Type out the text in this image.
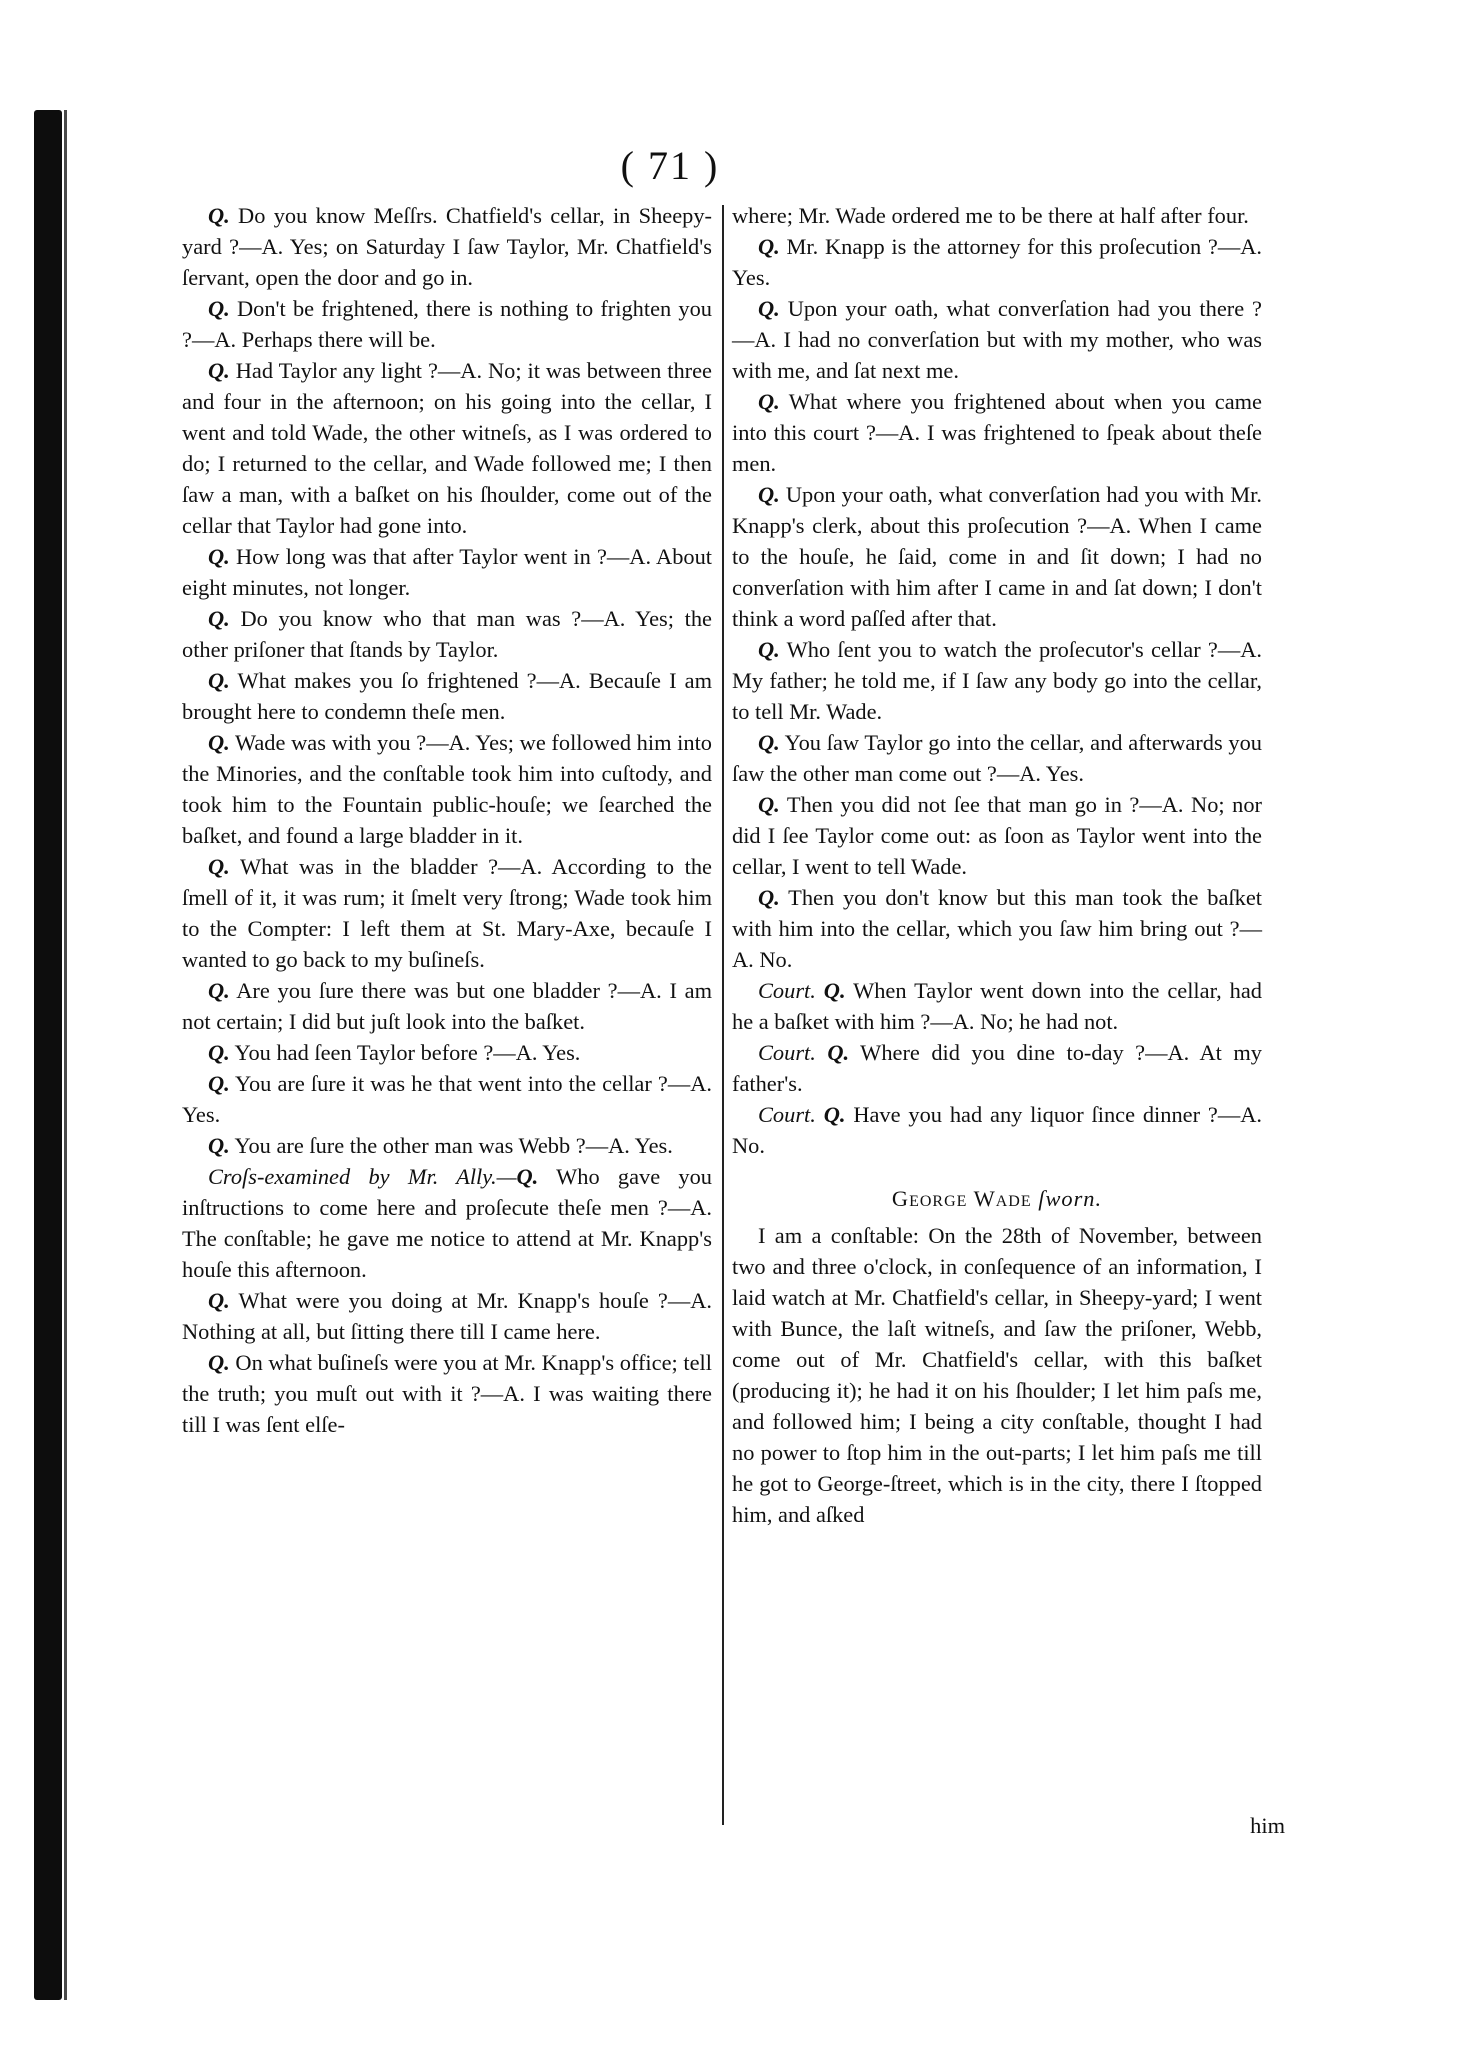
( 71 )

Q. Do you know Meſſrs. Chatfield's cellar, in Sheepy-yard ?—A. Yes; on Saturday I ſaw Taylor, Mr. Chatfield's ſervant, open the door and go in.

Q. Don't be frightened, there is nothing to frighten you ?—A. Perhaps there will be.

Q. Had Taylor any light ?—A. No; it was between three and four in the afternoon; on his going into the cellar, I went and told Wade, the other witneſs, as I was ordered to do; I returned to the cellar, and Wade followed me; I then ſaw a man, with a baſket on his ſhoulder, come out of the cellar that Taylor had gone into.

Q. How long was that after Taylor went in ?—A. About eight minutes, not longer.

Q. Do you know who that man was ?—A. Yes; the other priſoner that ſtands by Taylor.

Q. What makes you ſo frightened ?—A. Becauſe I am brought here to condemn theſe men.

Q. Wade was with you ?—A. Yes; we followed him into the Minories, and the conſtable took him into cuſtody, and took him to the Fountain public-houſe; we ſearched the baſket, and found a large bladder in it.

Q. What was in the bladder ?—A. According to the ſmell of it, it was rum; it ſmelt very ſtrong; Wade took him to the Compter: I left them at St. Mary-Axe, becauſe I wanted to go back to my buſineſs.

Q. Are you ſure there was but one bladder ?—A. I am not certain; I did but juſt look into the baſket.

Q. You had ſeen Taylor before ?—A. Yes.

Q. You are ſure it was he that went into the cellar ?—A. Yes.

Q. You are ſure the other man was Webb ?—A. Yes.

Croſs-examined by Mr. Ally.—Q. Who gave you inſtructions to come here and proſecute theſe men ?—A. The conſtable; he gave me notice to attend at Mr. Knapp's houſe this afternoon.

Q. What were you doing at Mr. Knapp's houſe ?—A. Nothing at all, but ſitting there till I came here.

Q. On what buſineſs were you at Mr. Knapp's office; tell the truth; you muſt out with it ?—A. I was waiting there till I was ſent elſe-

where; Mr. Wade ordered me to be there at half after four.

Q. Mr. Knapp is the attorney for this proſecution ?—A. Yes.

Q. Upon your oath, what converſation had you there ?—A. I had no converſation but with my mother, who was with me, and ſat next me.

Q. What where you frightened about when you came into this court ?—A. I was frightened to ſpeak about theſe men.

Q. Upon your oath, what converſation had you with Mr. Knapp's clerk, about this proſecution ?—A. When I came to the houſe, he ſaid, come in and ſit down; I had no converſation with him after I came in and ſat down; I don't think a word paſſed after that.

Q. Who ſent you to watch the proſecutor's cellar ?—A. My father; he told me, if I ſaw any body go into the cellar, to tell Mr. Wade.

Q. You ſaw Taylor go into the cellar, and afterwards you ſaw the other man come out ?—A. Yes.

Q. Then you did not ſee that man go in ?—A. No; nor did I ſee Taylor come out: as ſoon as Taylor went into the cellar, I went to tell Wade.

Q. Then you don't know but this man took the baſket with him into the cellar, which you ſaw him bring out ?—A. No.

Court. Q. When Taylor went down into the cellar, had he a baſket with him ?—A. No; he had not.

Court. Q. Where did you dine to-day ?—A. At my father's.

Court. Q. Have you had any liquor ſince dinner ?—A. No.

George Wade ſworn.

I am a conſtable: On the 28th of November, between two and three o'clock, in conſequence of an information, I laid watch at Mr. Chatfield's cellar, in Sheepy-yard; I went with Bunce, the laſt witneſs, and ſaw the priſoner, Webb, come out of Mr. Chatfield's cellar, with this baſket (producing it); he had it on his ſhoulder; I let him paſs me, and followed him; I being a city conſtable, thought I had no power to ſtop him in the out-parts; I let him paſs me till he got to George-ſtreet, which is in the city, there I ſtopped him, and aſked

him
